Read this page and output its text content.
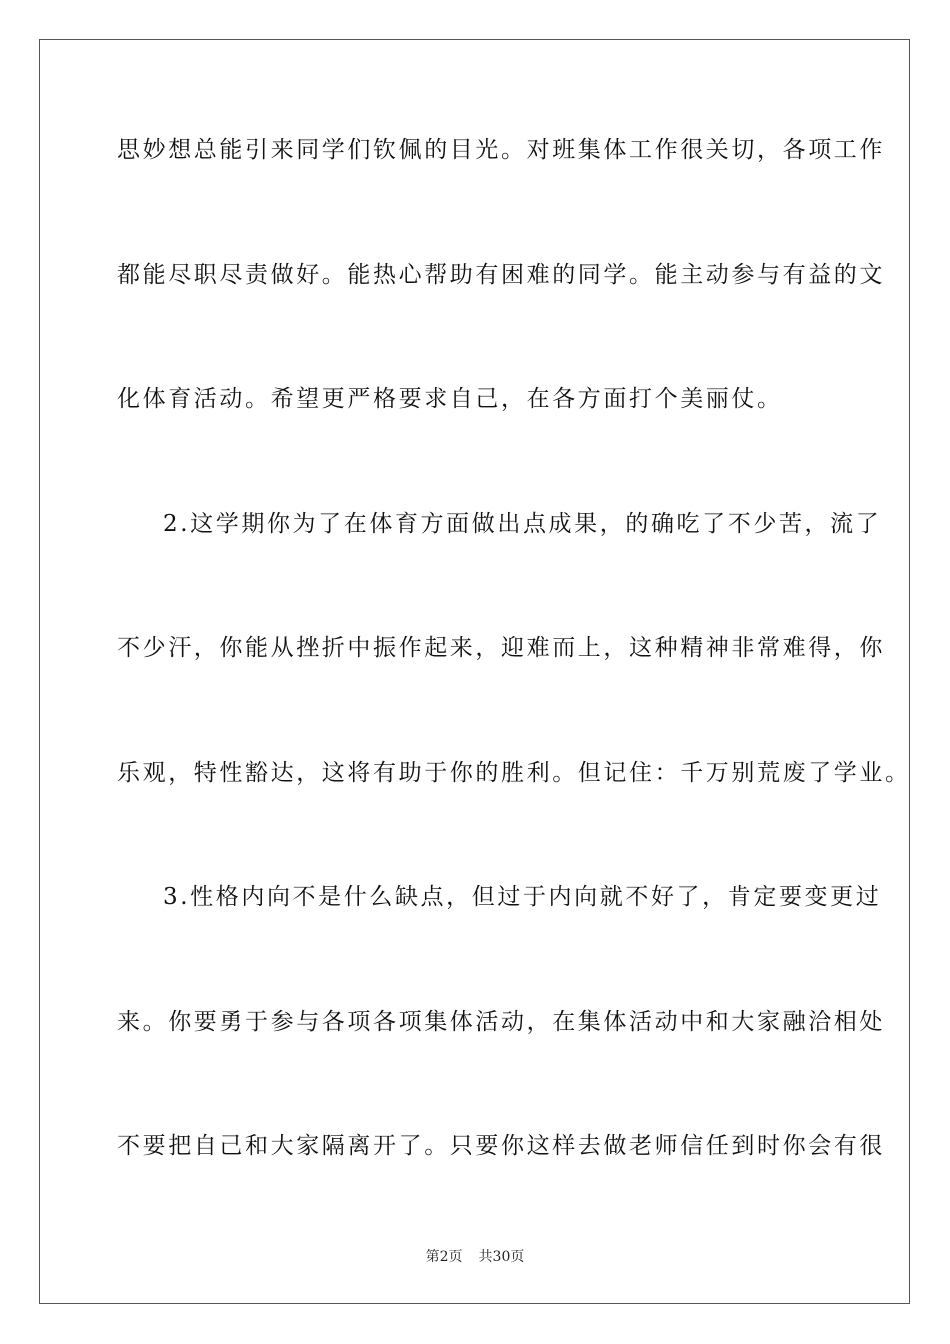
思妙想总能引来同学们钦佩的目光。对班集体工作很关切，各项工作
都能尽职尽责做好。能热心帮助有困难的同学。能主动参与有益的文
化体育活动。希望更严格要求自己，在各方面打个美丽仗。
2.这学期你为了在体育方面做出点成果，的确吃了不少苦，流了
不少汗，你能从挫折中振作起来，迎难而上，这种精神非常难得，你
乐观，特性豁达，这将有助于你的胜利。但记住：千万别荒废了学业。
3.性格内向不是什么缺点，但过于内向就不好了，肯定要变更过
来。你要勇于参与各项各项集体活动，在集体活动中和大家融洽相处
不要把自己和大家隔离开了。只要你这样去做老师信任到时你会有很
第2页 共30页
